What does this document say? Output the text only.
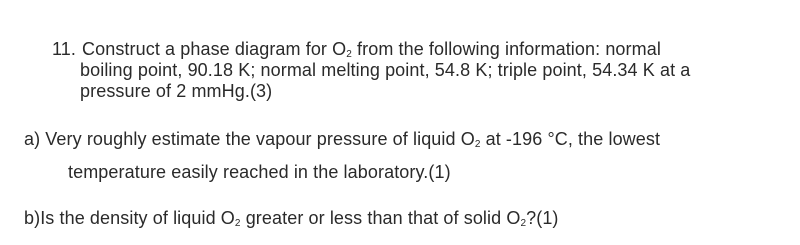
11. Construct a phase diagram for $O_2$ from the following information: normal
boiling point, 90.18 K; normal melting point, 54.8 K; triple point, 54.34 K at a
pressure of 2 mmHg.(3)
a) Very roughly estimate the vapour pressure of liquid $O_2$ at -196 °C, the lowest
temperature easily reached in the laboratory.(1)
b)Is the density of liquid $O_2$ greater or less than that of solid $O_2?(1)$
